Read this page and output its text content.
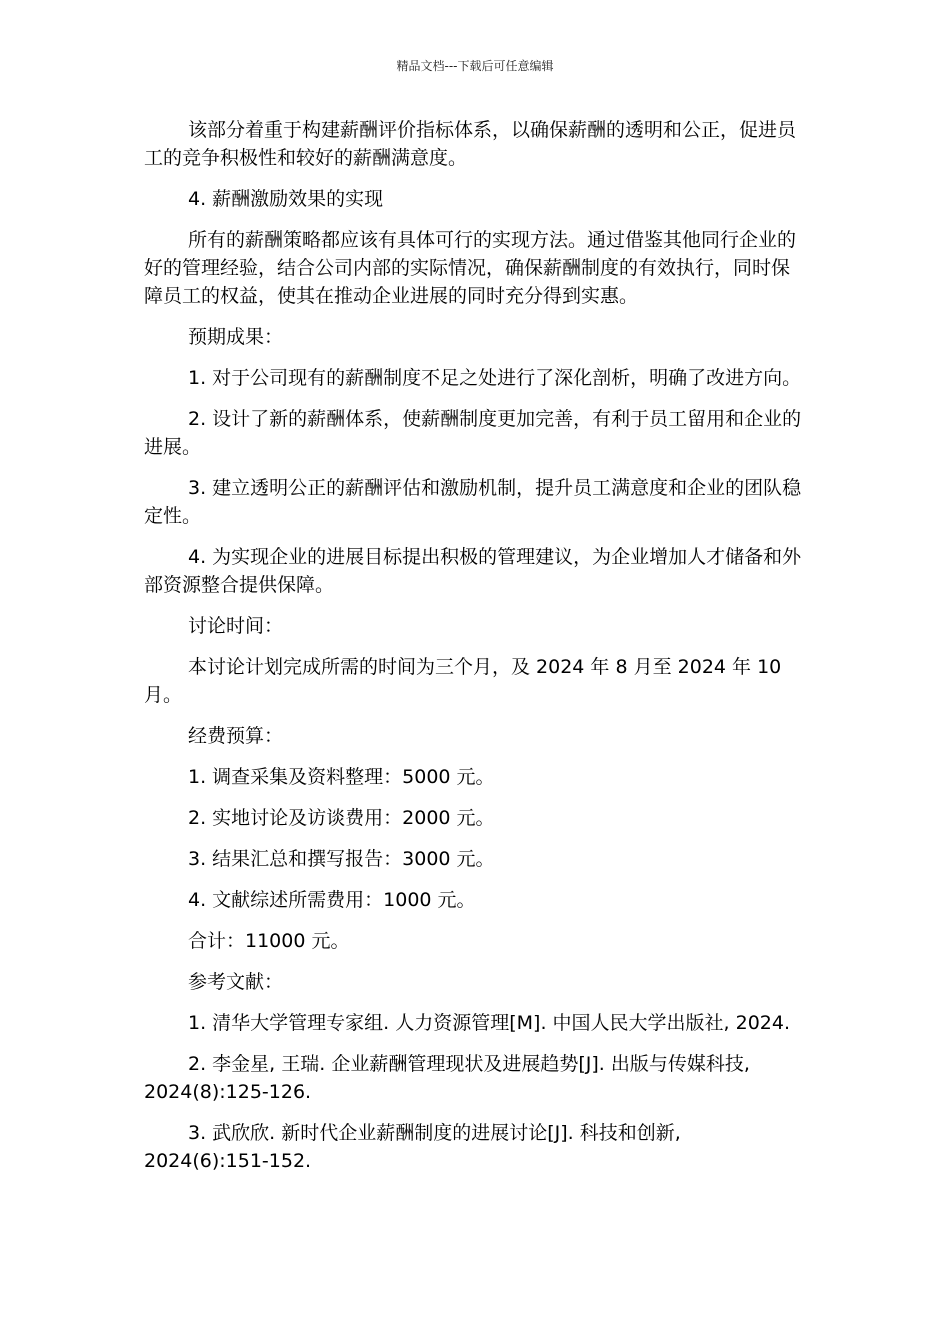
精品文档---下载后可任意编辑

该部分着重于构建薪酬评价指标体系，以确保薪酬的透明和公正，促进员工的竞争积极性和较好的薪酬满意度。

4. 薪酬激励效果的实现

所有的薪酬策略都应该有具体可行的实现方法。通过借鉴其他同行企业的好的管理经验，结合公司内部的实际情况，确保薪酬制度的有效执行，同时保障员工的权益，使其在推动企业进展的同时充分得到实惠。

预期成果：

1. 对于公司现有的薪酬制度不足之处进行了深化剖析，明确了改进方向。

2. 设计了新的薪酬体系，使薪酬制度更加完善，有利于员工留用和企业的进展。

3. 建立透明公正的薪酬评估和激励机制，提升员工满意度和企业的团队稳定性。

4. 为实现企业的进展目标提出积极的管理建议，为企业增加人才储备和外部资源整合提供保障。

讨论时间：

本讨论计划完成所需的时间为三个月，及 2024 年 8 月至 2024 年 10 月。

经费预算：

1. 调查采集及资料整理：5000 元。

2. 实地讨论及访谈费用：2000 元。

3. 结果汇总和撰写报告：3000 元。

4. 文献综述所需费用：1000 元。

合计：11000 元。

参考文献：

1. 清华大学管理专家组. 人力资源管理[M]. 中国人民大学出版社, 2024.

2. 李金星, 王瑞. 企业薪酬管理现状及进展趋势[J]. 出版与传媒科技, 2024(8):125-126.

3. 武欣欣. 新时代企业薪酬制度的进展讨论[J]. 科技和创新, 2024(6):151-152.
